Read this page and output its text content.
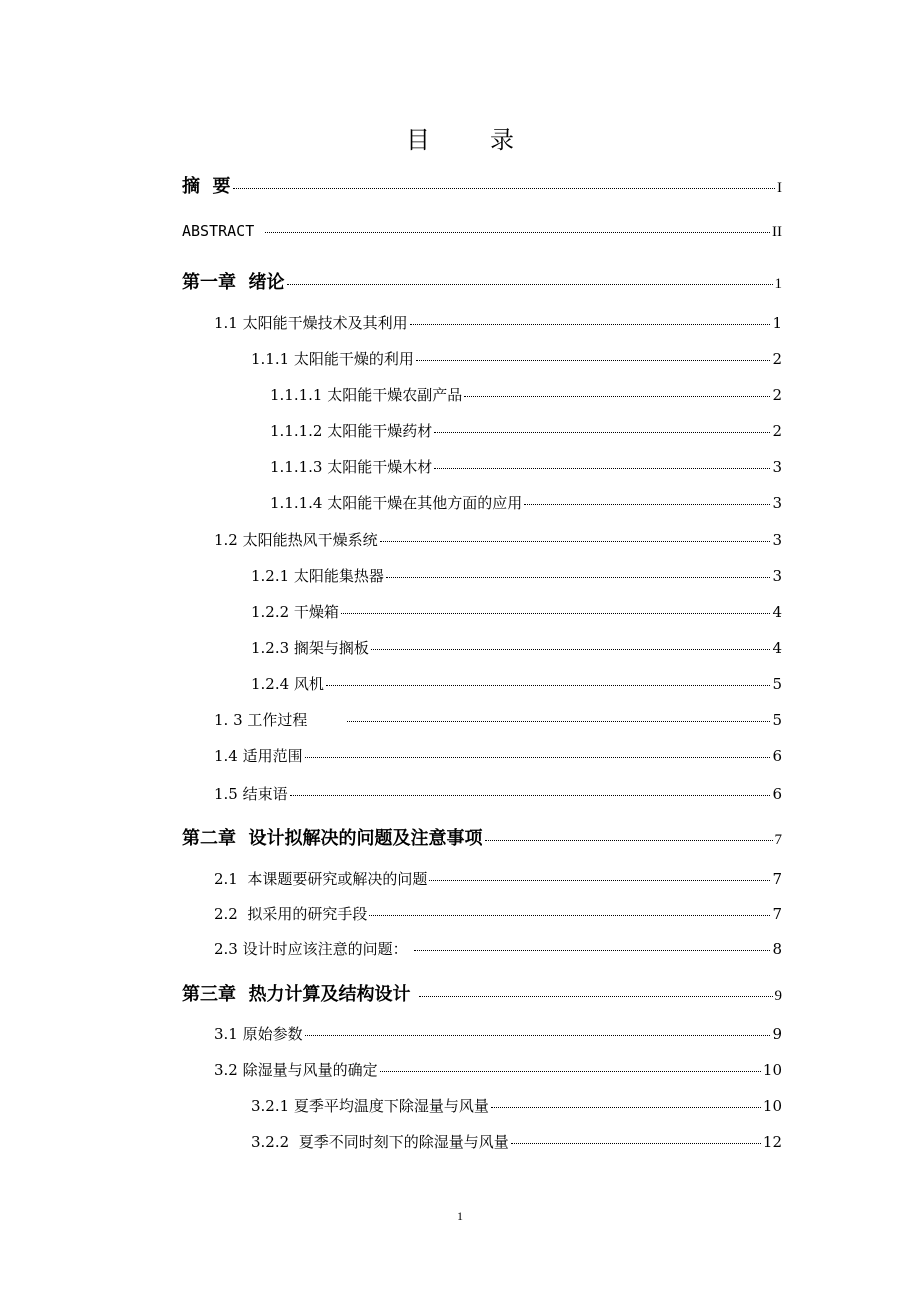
目　录
摘  要	I
ABSTRACT	II
第一章  绪论	1
1.1 太阳能干燥技术及其利用	1
1.1.1 太阳能干燥的利用	2
1.1.1.1 太阳能干燥农副产品	2
1.1.1.2 太阳能干燥药材	2
1.1.1.3 太阳能干燥木材	3
1.1.1.4 太阳能干燥在其他方面的应用	3
1.2 太阳能热风干燥系统	3
1.2.1 太阳能集热器	3
1.2.2 干燥箱	4
1.2.3 搁架与搁板	4
1.2.4 风机	5
1. 3 工作过程	5
1.4 适用范围	6
1.5 结束语	6
第二章  设计拟解决的问题及注意事项	7
2.1  本课题要研究或解决的问题	7
2.2  拟采用的研究手段	7
2.3 设计时应该注意的问题：	8
第三章  热力计算及结构设计	9
3.1 原始参数	9
3.2 除湿量与风量的确定	10
3.2.1 夏季平均温度下除湿量与风量	10
3.2.2  夏季不同时刻下的除湿量与风量	12
1
